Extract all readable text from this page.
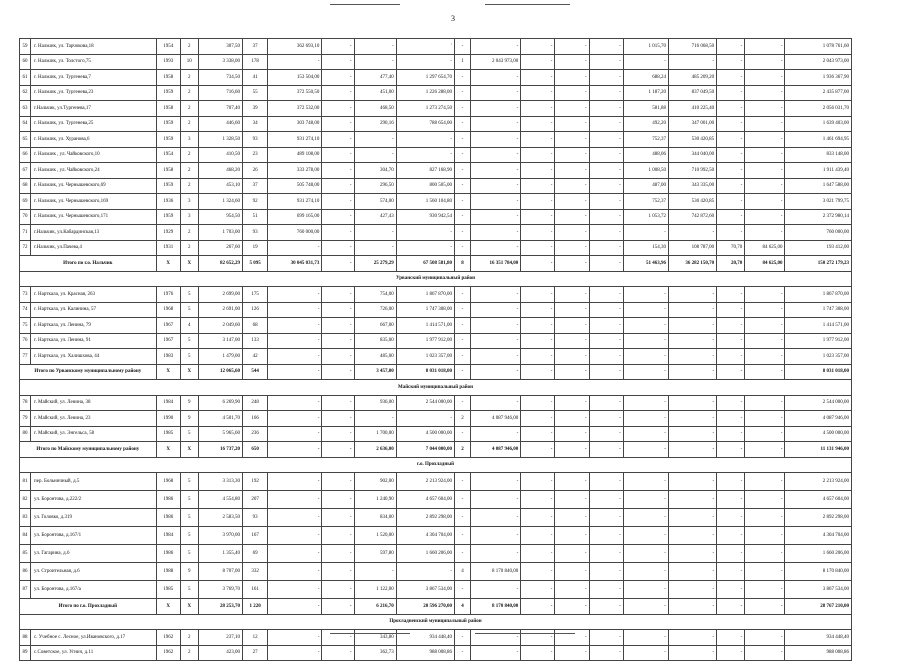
3
59	г. Нальчик, ул. Тарчокова,18	1954	2	307,50	37	362 693,10	-	-	'	-	-	-	-	-	1 015,70	716 068,50	-	-	1 078 761,60
60	г. Нальчик, ул. Толстого,75	1993	10	3 338,00	178	-	-	-	-	1	2 043 973,00	-	-	-	-	-	-	-	2 043 973,00
61	г. Нальчик, ул. Тургенева,7	1958	2	734,50	41	153 504,00	-	477,40	1 297 654,70	-	-	-	-	-	688,24	485 209,20	-	-	1 936 367,90
62	г. Нальчик ,ул. Тургенева,23	1959	2	716,60	55	372 550,50	-	451,00	1 226 288,00	-	-	-	-	-	1 187,20	837 049,50	-	-	2 435 877,00
63	г.Нальчик, ул.Тургенева,17	1958	2	707,40	39	372 532,00	-	468,50	1 273 274,50	-	-	-	-	-	581,88	410 225,40	-	-	2 056 031,70
64	г. Нальчик, ул. Тургенева,25	1959	2	446,60	34	303 748,00	-	290,16	788 654,00	-	-	-	-	-	492,20	347 001,00	-	-	1 639 403,00
65	г. Нальчик, ул. Хуранова,6	1959	3	1 328,50	93	931 274,10	-	-	-	-	-	-	-	-	752,37	530 420,85	-	-	1 461 694,95
66	г. Нальчик , ул. Чайковского,10	1954	2	410,50	23	489 108,00	-	-	-	-	-	-	-	-	488,06	344 040,00	-	-	833 148,00
67	г. Нальчик , ул. Чайковского,24	1958	2	468,20	26	333 278,00	-	304,70	827 168,90	-	-	-	-	-	1 008,50	710 992,50	-	-	1 911 439,40
68	г. Нальчик, ул. Чернышевского,69	1959	2	453,10	37	505 748,00	-	296,50	800 505,00	-	-	-	-	-	487,00	343 335,00	-	-	1 647 588,00
69	г. Нальчик, ул. Чернышевского,169	1936	3	1 324,60	92	931 274,10	-	574,00	1 560 104,80	-	-	-	-	-	752,37	530 420,85	-	-	3 021 799,75
70	г. Нальчик, ул. Чернышевского,171	1959	3	954,50	51	699 165,00	-	427,43	930 942,54	-	-	-	-	-	1 053,72	742 872,60	-	-	2 372 980,14
71	г.Нальчик, ул.Кабардинская,13	1929	2	1 703,00	93	760 000,00	-	-	-	-	-	-	-	-	-	-	-	-	760 000,00
72	г.Нальчик, ул.Пачева,4	1931	2	267,60	19	-	-	-	-	-	-	-	-	-	154,30	108 787,00	70,70	84 625,00	193 412,00
Итого по г.о. Нальчик		X	X	82 652,29	5 095	30 045 031,73	-	25 279,29	67 508 581,80	8	16 351 784,00	-	-	-	51 463,96	36 282 150,70	20,70	84 625,00	150 272 179,23
Урванский муниципальный район																			
73	г. Нарткала, ул. Красная, 263	1976	5	2 699,00	175	-	-	754,00	1 867 870,00	-	-	-	-	-	-	-	-	-	1 867 870,00
74	г. Нарткала, ул. Калинина, 57	1968	5	2 691,00	126	-	-	726,00	1 747 308,00	-	-	-	-	-	-	-	-	-	1 747 308,00
75	г. Нарткала, ул. Ленина, 79	1967	4	2 049,60	68	-	-	667,00	1 414 571,00	-	-	-	-	-	-	-	-	-	1 414 571,00
76	г. Нарткала, ул. Ленина, 91	1967	5	3 147,00	133	-	-	835,00	1 977 912,00	-	-	-	-	-	-	-	-	-	1 977 912,00
77	г. Нарткала, ул. Халишхова, 44	1983	5	1 479,00	42	-	-	485,00	1 023 357,00	-	-	-	-	-	-	-	-	-	1 023 357,00
Итого по Урванскому муниципальному району		X	X	12 065,60	544	-	-	3 457,00	8 031 018,00	-	-	-	-	-	-	-	-	-	8 031 018,00
Майский муниципальный район																			
78	г. Майский, ул. Ленина, 38	1984	9	6 269,90	248	-	-	936,00	2 544 000,00	-	-	-	-	-	-	-	-	-	2 544 000,00
79	г. Майский, ул. Ленина, 23	1990	9	4 501,70	166	-	-	-	-	2	4 087 946,00	-	-	-	-	-	-	-	4 087 946,00
80	г. Майский, ул. Энгельса, 58	1985	5	5 965,60	236	-	-	1 700,00	4 500 000,00	-	-	-	-	-	-	-	-	-	4 500 000,00
Итого по Майскому муниципальному району		X	X	16 737,20	650	-	-	2 636,00	7 044 000,00	2	4 087 946,00	-	-	-	-	-	-	-	11 131 946,00
г.о. Прохладный																			
81	пер. Больничный, д.5	1968	5	3 313,30	192	-	-	902,00	2 213 924,00	-	-	-	-	-	-	-	-	-	2 213 924,00
82	ул. Боронтова, д.222/2	1986	5	4 554,80	207	-	-	1 240,90	4 657 604,00	-	-	-	-	-	-	-	-	-	4 657 604,00
83	ул. Головко, д.319	1986	5	2 583,50	93	-	-	834,00	2 892 298,00	-	-	-	-	-	-	-	-	-	2 892 298,00
84	ул. Боронтова, д.167/1	1984	5	3 970,00	167	-	-	1 520,00	4 304 704,00	-	-	-	-	-	-	-	-	-	4 304 704,00
85	ул. Гагарина, д.6	1986	5	1 355,40	69	-	-	597,80	1 660 206,00	-	-	-	-	-	-	-	-	-	1 660 206,00
86	ул. Строительная, д.6	1988	9	8 707,00	332	-	-	-	-	4	8 170 840,00	-	-	-	-	-	-	-	8 170 840,00
87	ул. Боронтова, д.167/а	1985	5	3 769,70	161	-	-	1 122,00	3 867 534,00	-	-	-	-	-	-	-	-	-	3 867 534,00
Итого по г.о. Прохладный		X	X	28 253,70	1 220	-	-	6 216,70	20 596 270,00	4	8 170 840,00	-	-	-	-	-	-	-	28 767 210,00
Прохладненский муниципальный район																			
88	с. Учебное с. Лесное, ул.Ивановского, д.17	1962	2	237,10	12	-	-	343,80	934 448,40	-	-	-	-	-	-	-	-	-	934 448,40
89	с.Советское, ул. Угнич, д.11	1962	2	423,00	27	-	-	362,73	988 008,86	-	-	-	-	-	-	-	-	-	988 008,86
